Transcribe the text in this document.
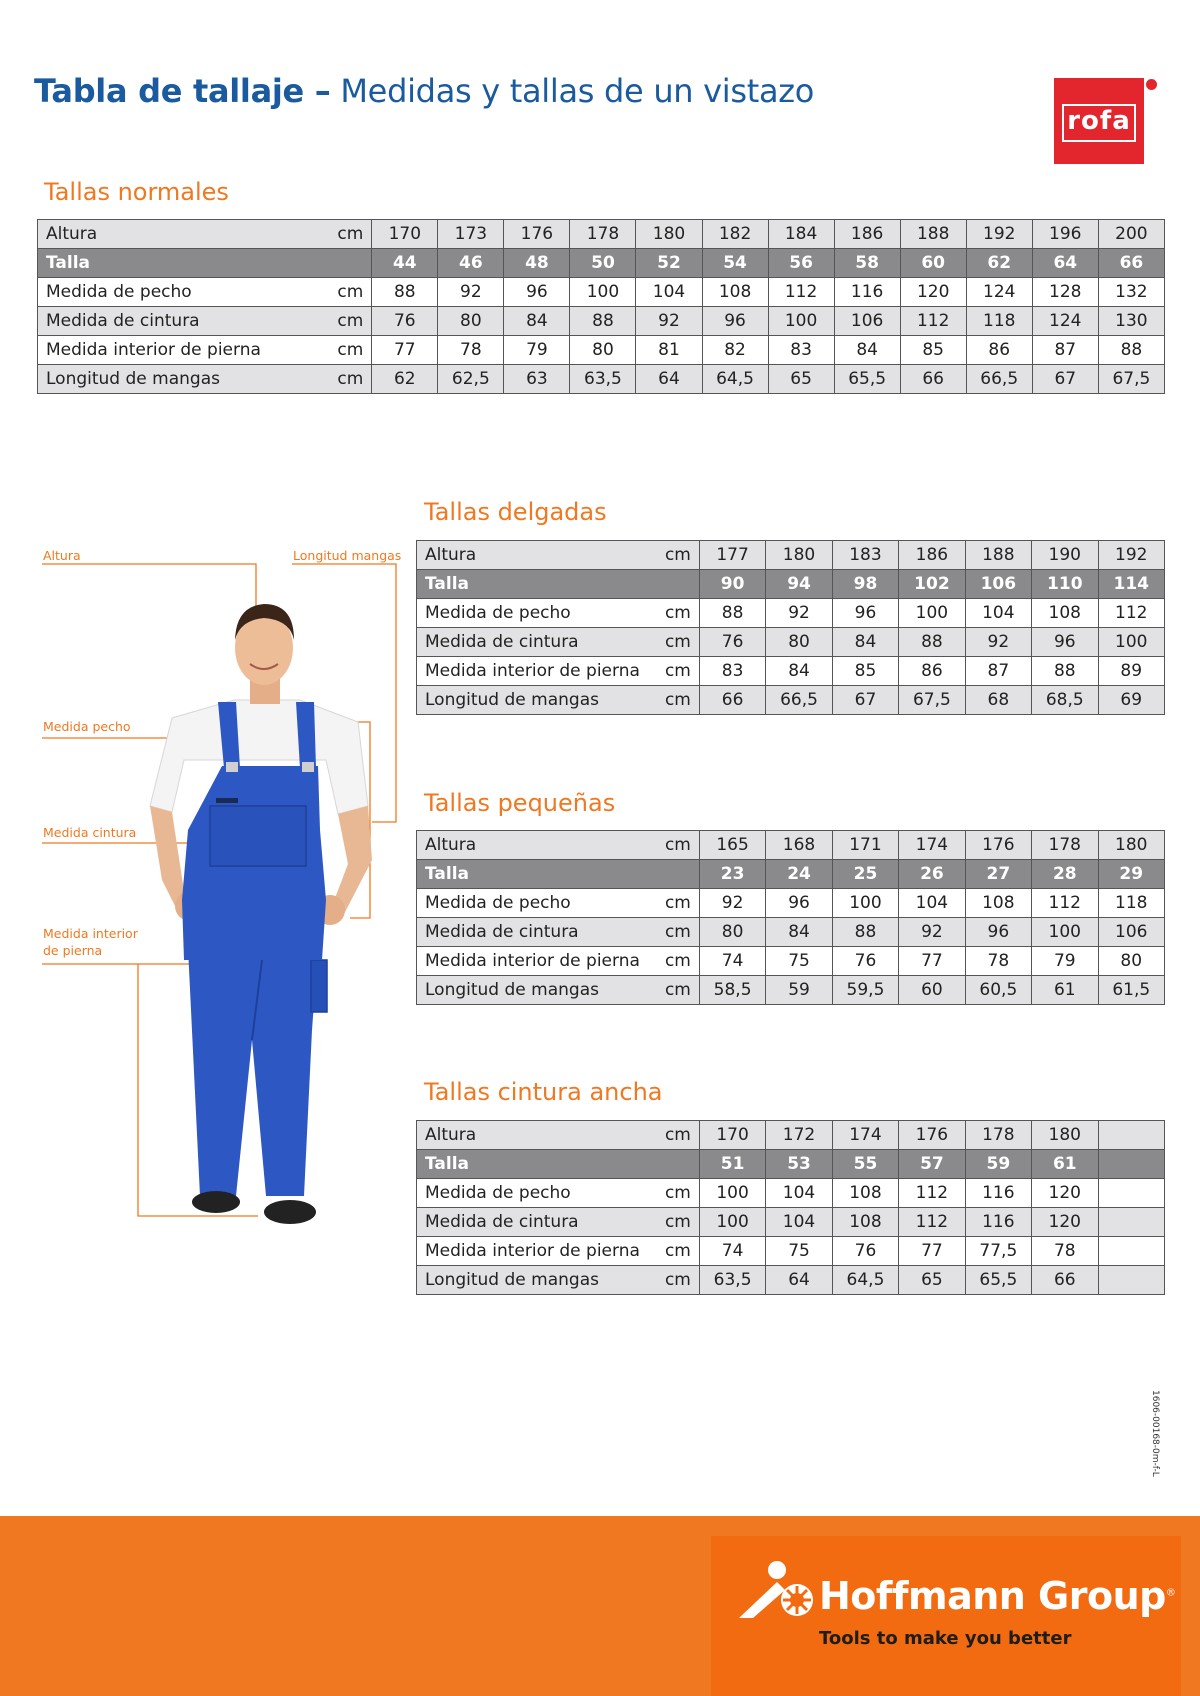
Tabla de tallaje – Medidas y tallas de un vistazo
rofa
Tallas normales
Tallas delgadas
Tallas pequeñas
Tallas cintura ancha
Altura	cm	170	173	176	178	180	182	184	186	188	192	196	200
Talla		44	46	48	50	52	54	56	58	60	62	64	66
Medida de pecho	cm	88	92	96	100	104	108	112	116	120	124	128	132
Medida de cintura	cm	76	80	84	88	92	96	100	106	112	118	124	130
Medida interior de pierna	cm	77	78	79	80	81	82	83	84	85	86	87	88
Longitud de mangas	cm	62	62,5	63	63,5	64	64,5	65	65,5	66	66,5	67	67,5
Altura	cm	177	180	183	186	188	190	192
Talla		90	94	98	102	106	110	114
Medida de pecho	cm	88	92	96	100	104	108	112
Medida de cintura	cm	76	80	84	88	92	96	100
Medida interior de pierna	cm	83	84	85	86	87	88	89
Longitud de mangas	cm	66	66,5	67	67,5	68	68,5	69
Altura	cm	165	168	171	174	176	178	180
Talla		23	24	25	26	27	28	29
Medida de pecho	cm	92	96	100	104	108	112	118
Medida de cintura	cm	80	84	88	92	96	100	106
Medida interior de pierna	cm	74	75	76	77	78	79	80
Longitud de mangas	cm	58,5	59	59,5	60	60,5	61	61,5
Altura	cm	170	172	174	176	178	180	
Talla		51	53	55	57	59	61	
Medida de pecho	cm	100	104	108	112	116	120	
Medida de cintura	cm	100	104	108	112	116	120	
Medida interior de pierna	cm	74	75	76	77	77,5	78	
Longitud de mangas	cm	63,5	64	64,5	65	65,5	66	
Altura	Longitud mangas
Medida pecho
Medida cintura
Medida interior
de pierna
1606-00168-0m-f-L
Hoffmann Group®
Tools to make you better
